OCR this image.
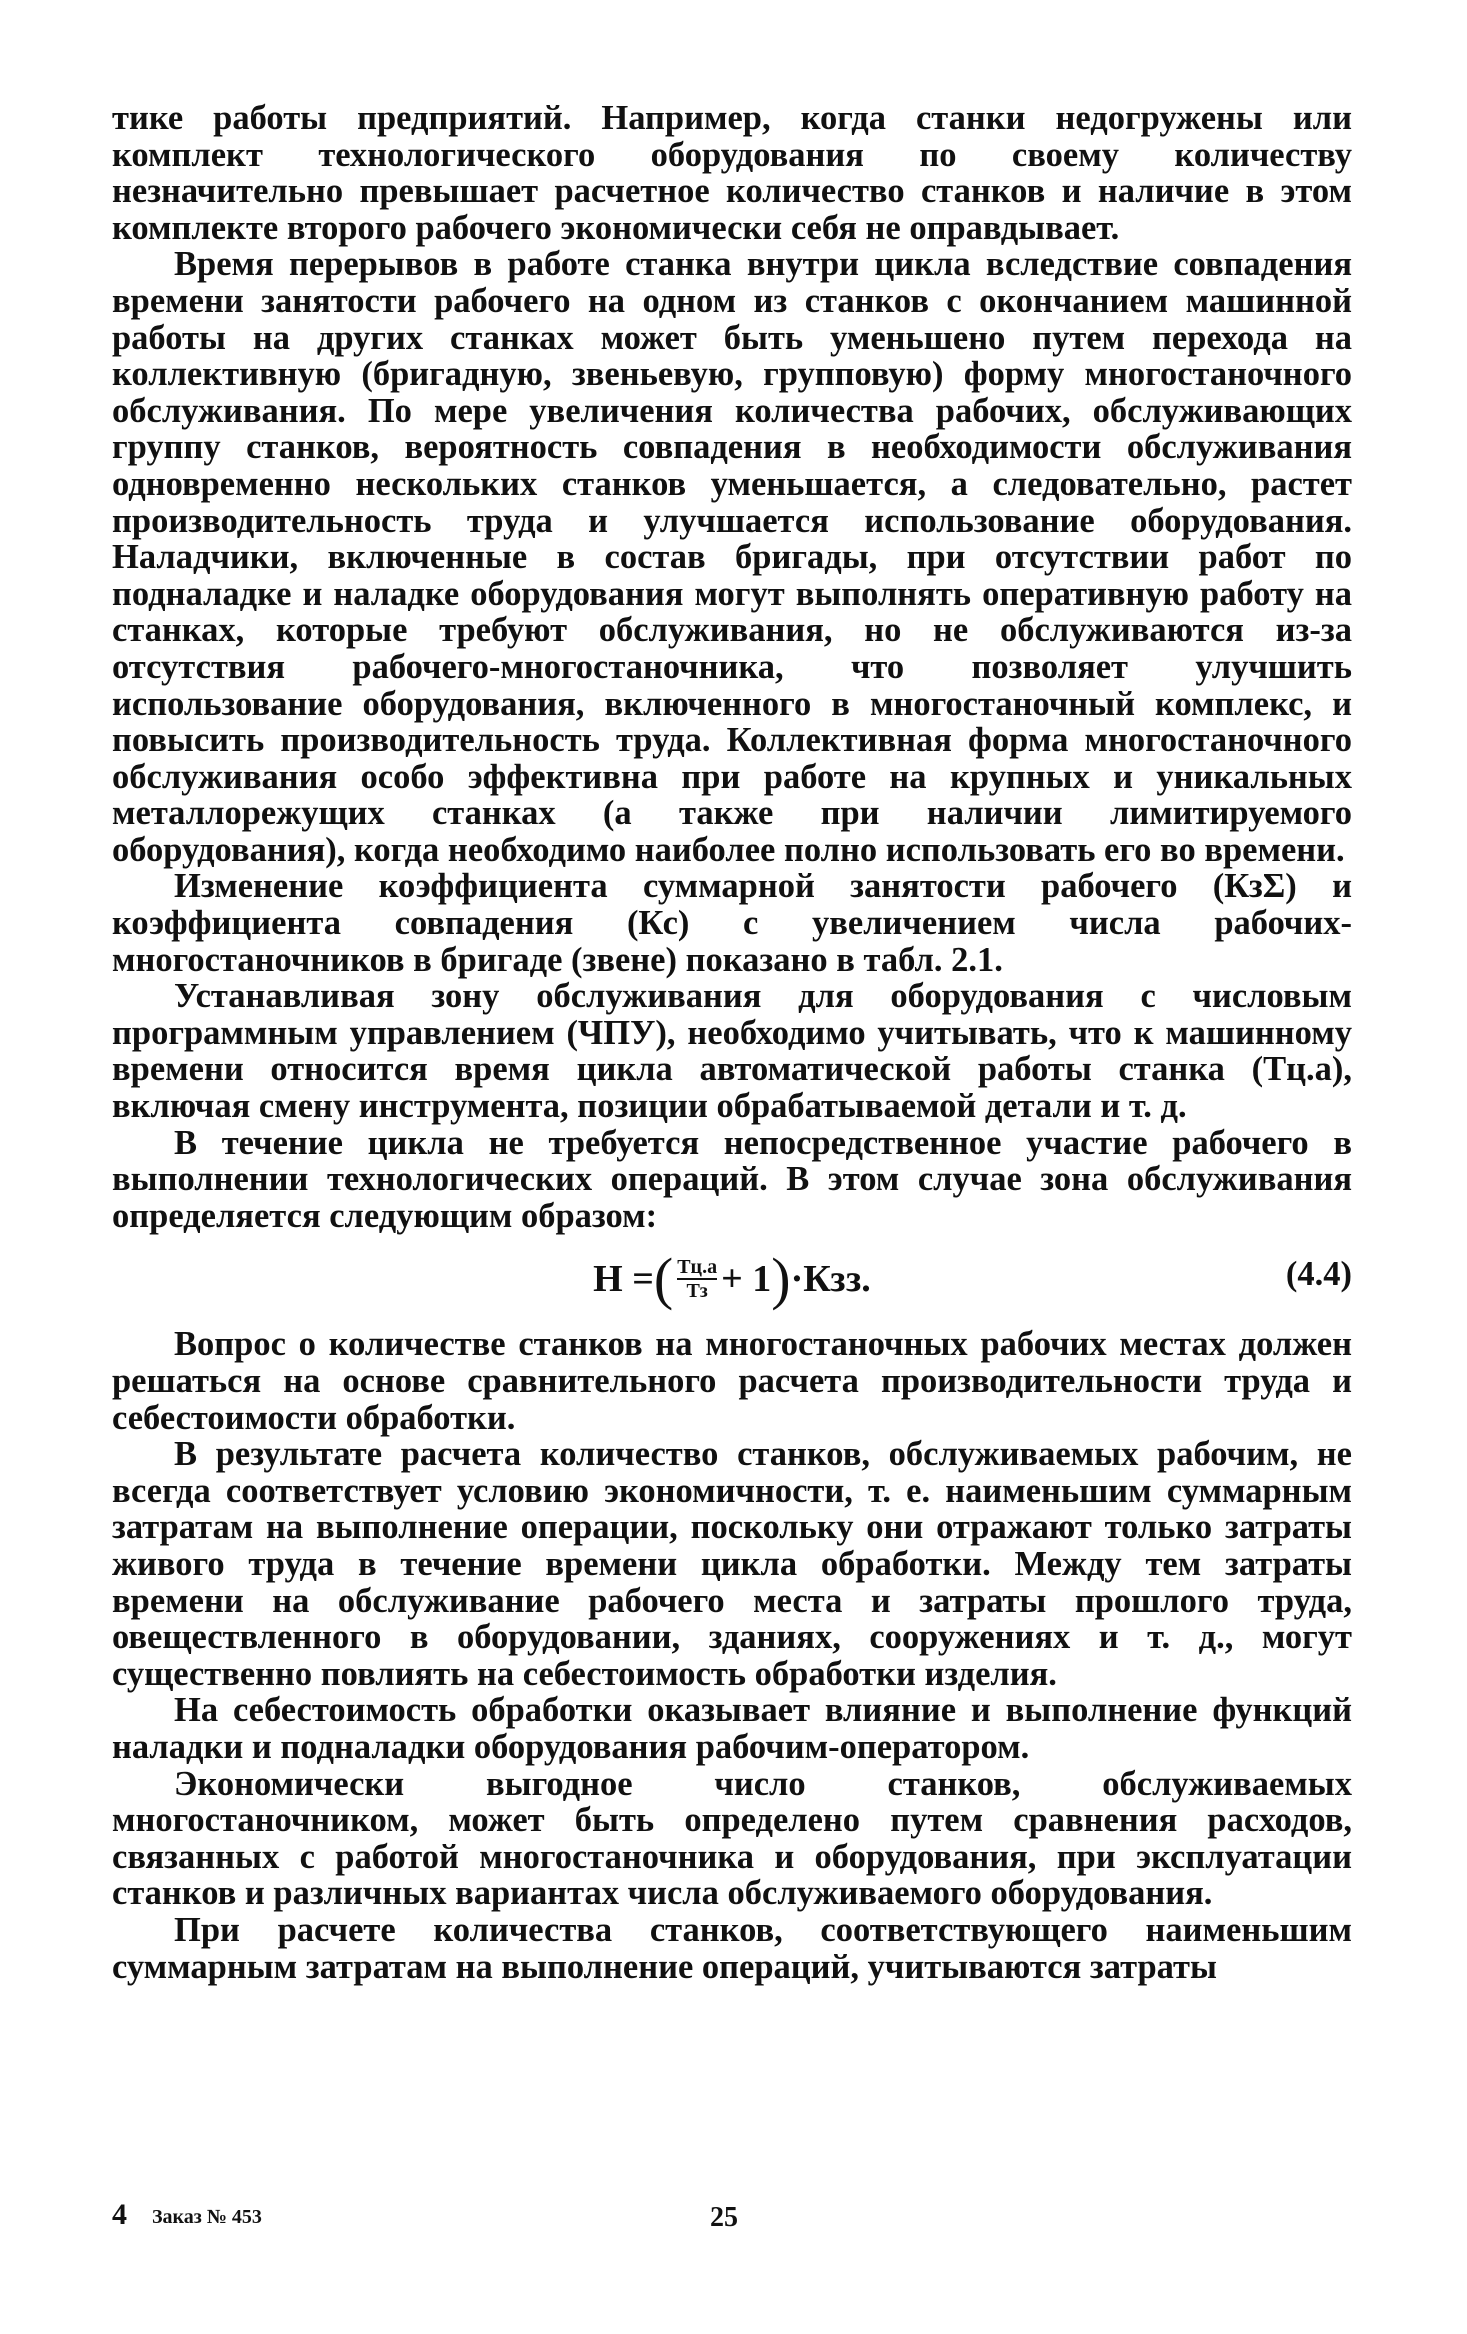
тике работы предприятий. Например, когда станки недогружены или комплект технологического оборудования по своему количеству незначительно превышает расчетное количество станков и наличие в этом комплекте второго рабочего экономически себя не оправдывает.

Время перерывов в работе станка внутри цикла вследствие совпадения времени занятости рабочего на одном из станков с окончанием машинной работы на других станках может быть уменьшено путем перехода на коллективную (бригадную, звеньевую, групповую) форму многостаночного обслуживания. По мере увеличения количества рабочих, обслуживающих группу станков, вероятность совпадения в необходимости обслуживания одновременно нескольких станков уменьшается, а следовательно, растет производительность труда и улучшается использование оборудования. Наладчики, включенные в состав бригады, при отсутствии работ по подналадке и наладке оборудования могут выполнять оперативную работу на станках, которые требуют обслуживания, но не обслуживаются из-за отсутствия рабочего-многостаночника, что позволяет улучшить использование оборудования, включенного в многостаночный комплекс, и повысить производительность труда. Коллективная форма многостаночного обслуживания особо эффективна при работе на крупных и уникальных металлорежущих станках (а также при наличии лимитируемого оборудования), когда необходимо наиболее полно использовать его во времени.

Изменение коэффициента суммарной занятости рабочего (КзΣ) и коэффициента совпадения (Кс) с увеличением числа рабочих-многостаночников в бригаде (звене) показано в табл. 2.1.

Устанавливая зону обслуживания для оборудования с числовым программным управлением (ЧПУ), необходимо учитывать, что к машинному времени относится время цикла автоматической работы станка (Тц.а), включая смену инструмента, позиции обрабатываемой детали и т. д.

В течение цикла не требуется непосредственное участие рабочего в выполнении технологических операций. В этом случае зона обслуживания определяется следующим образом:

Н = ( $\frac{Тц.а}{Тз} + 1$ ) ·Кзз.	(4.4)

Вопрос о количестве станков на многостаночных рабочих местах должен решаться на основе сравнительного расчета производительности труда и себестоимости обработки.

В результате расчета количество станков, обслуживаемых рабочим, не всегда соответствует условию экономичности, т. е. наименьшим суммарным затратам на выполнение операции, поскольку они отражают только затраты живого труда в течение времени цикла обработки. Между тем затраты времени на обслуживание рабочего места и затраты прошлого труда, овеществленного в оборудовании, зданиях, сооружениях и т. д., могут существенно повлиять на себестоимость обработки изделия.

На себестоимость обработки оказывает влияние и выполнение функций наладки и подналадки оборудования рабочим-оператором.

Экономически выгодное число станков, обслуживаемых многостаночником, может быть определено путем сравнения расходов, связанных с работой многостаночника и оборудования, при эксплуатации станков и различных вариантах числа обслуживаемого оборудования.

При расчете количества станков, соответствующего наименьшим суммарным затратам на выполнение операций, учитываются затраты

4 Заказ № 453	25
